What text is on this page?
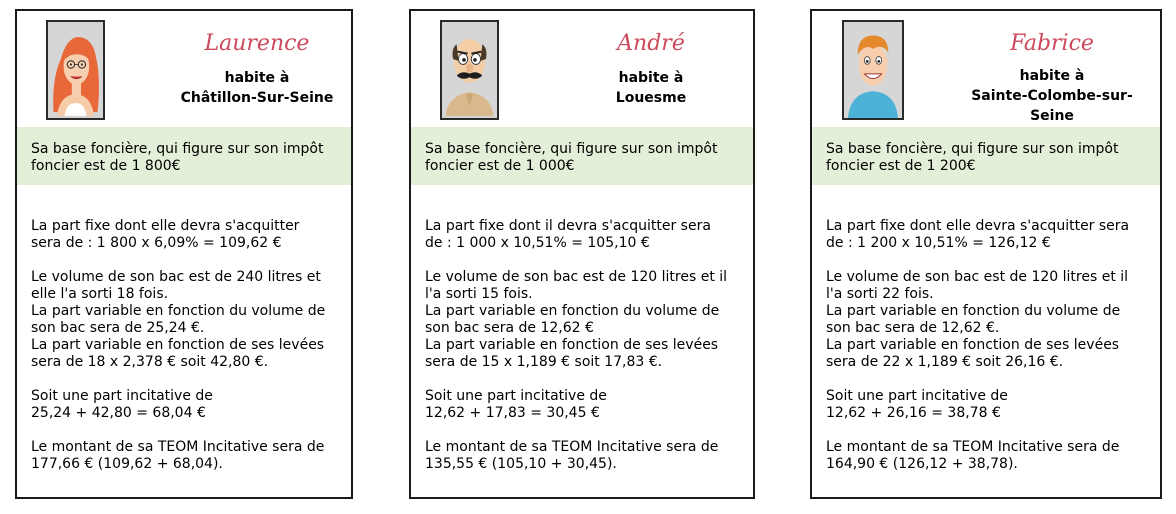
Laurence
habite à
Châtillon-Sur-Seine
Sa base foncière, qui figure sur son impôt
foncier est de 1 800€
La part fixe dont elle devra s'acquitter
sera de : 1 800 x 6,09% = 109,62 €
Le volume de son bac est de 240 litres et
elle l'a sorti 18 fois.
La part variable en fonction du volume de
son bac sera de 25,24 €.
La part variable en fonction de ses levées
sera de 18 x 2,378 € soit 42,80 €.
Soit une part incitative de
25,24 + 42,80 = 68,04 €
Le montant de sa TEOM Incitative sera de
177,66 € (109,62 + 68,04).
André
habite à
Louesme
Sa base foncière, qui figure sur son impôt
foncier est de 1 000€
La part fixe dont il devra s'acquitter sera
de : 1 000 x 10,51% = 105,10 €
Le volume de son bac est de 120 litres et il
l'a sorti 15 fois.
La part variable en fonction du volume de
son bac sera de 12,62 €
La part variable en fonction de ses levées
sera de 15 x 1,189 € soit 17,83 €.
Soit une part incitative de
12,62 + 17,83 = 30,45 €
Le montant de sa TEOM Incitative sera de
135,55 € (105,10 + 30,45).
Fabrice
habite à
Sainte-Colombe-sur-
Seine
Sa base foncière, qui figure sur son impôt
foncier est de 1 200€
La part fixe dont elle devra s'acquitter sera
de : 1 200 x 10,51% = 126,12 €
Le volume de son bac est de 120 litres et il
l'a sorti 22 fois.
La part variable en fonction du volume de
son bac sera de 12,62 €.
La part variable en fonction de ses levées
sera de 22 x 1,189 € soit 26,16 €.
Soit une part incitative de
12,62 + 26,16 = 38,78 €
Le montant de sa TEOM Incitative sera de
164,90 € (126,12 + 38,78).
